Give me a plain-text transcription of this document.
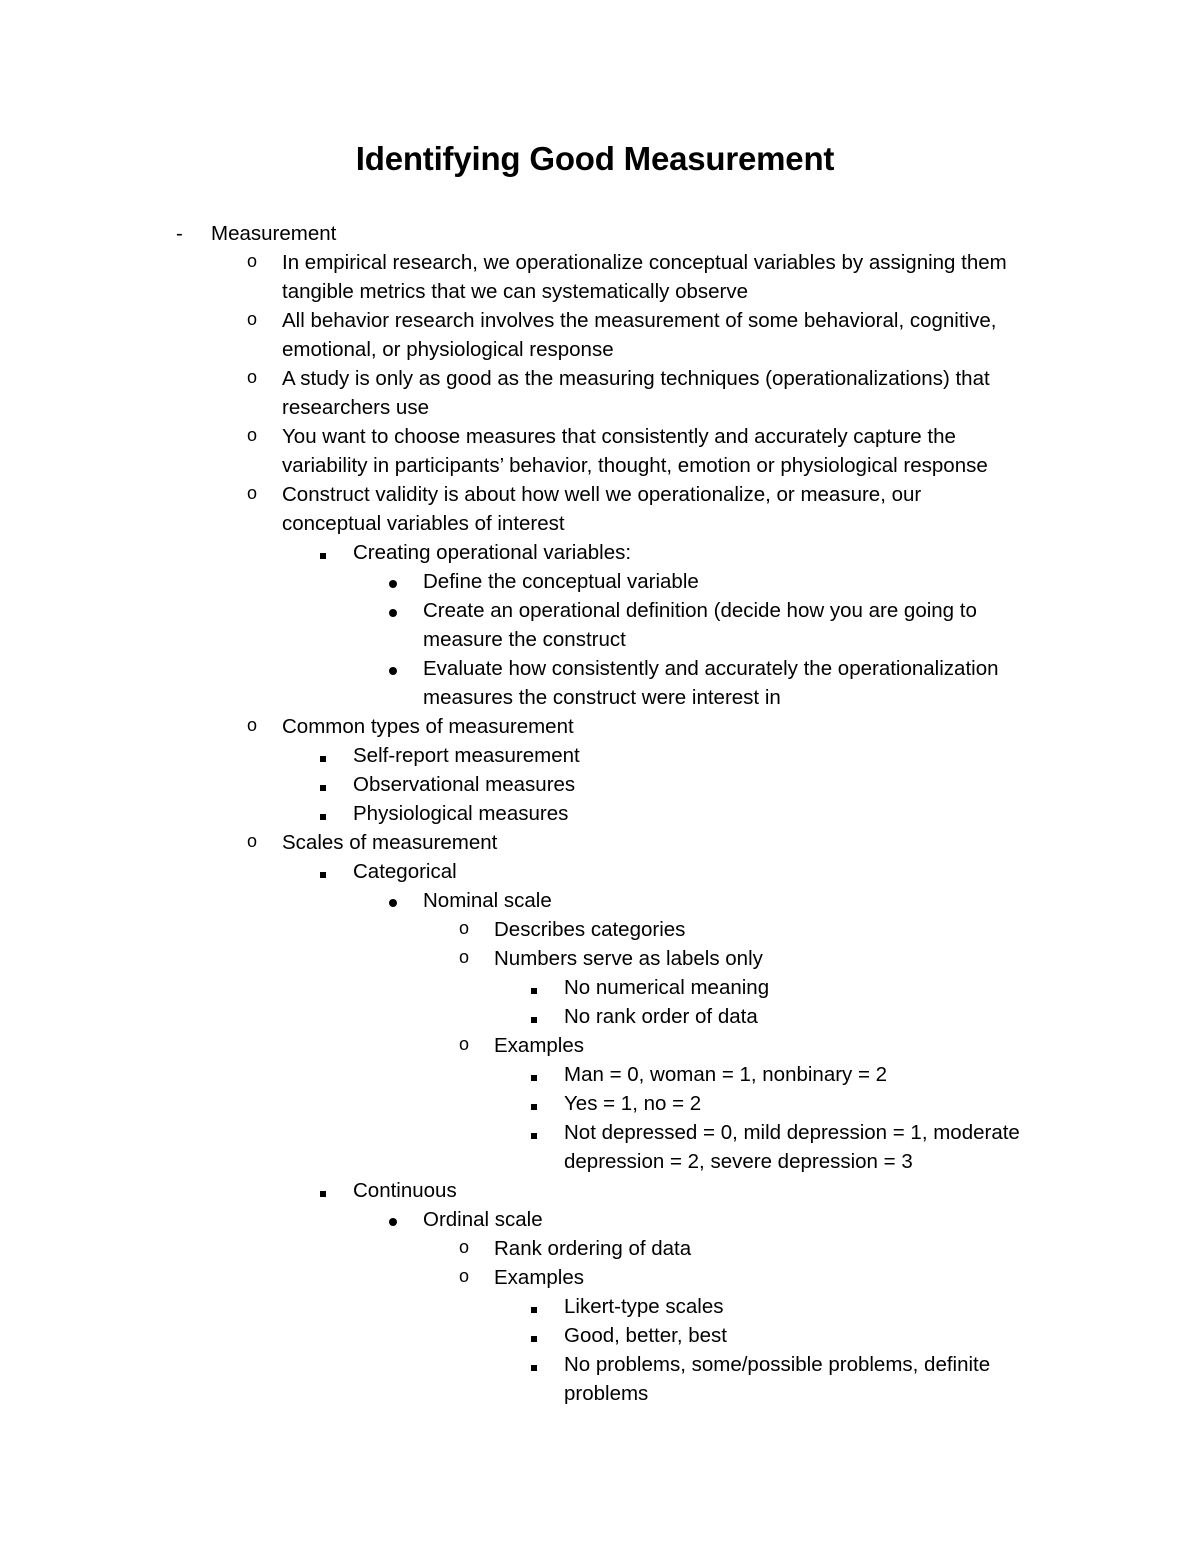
Identifying Good Measurement
- Measurement
o In empirical research, we operationalize conceptual variables by assigning them
tangible metrics that we can systematically observe
o All behavior research involves the measurement of some behavioral, cognitive,
emotional, or physiological response
o A study is only as good as the measuring techniques (operationalizations) that
researchers use
o You want to choose measures that consistently and accurately capture the
variability in participants’ behavior, thought, emotion or physiological response
o Construct validity is about how well we operationalize, or measure, our
conceptual variables of interest
Creating operational variables:
Define the conceptual variable
Create an operational definition (decide how you are going to
measure the construct
Evaluate how consistently and accurately the operationalization
measures the construct were interest in
o Common types of measurement
Self-report measurement
Observational measures
Physiological measures
o Scales of measurement
Categorical
Nominal scale
o Describes categories
o Numbers serve as labels only
No numerical meaning
No rank order of data
o Examples
Man = 0, woman = 1, nonbinary = 2
Yes = 1, no = 2
Not depressed = 0, mild depression = 1, moderate
depression = 2, severe depression = 3
Continuous
Ordinal scale
o Rank ordering of data
o Examples
Likert-type scales
Good, better, best
No problems, some/possible problems, definite
problems
